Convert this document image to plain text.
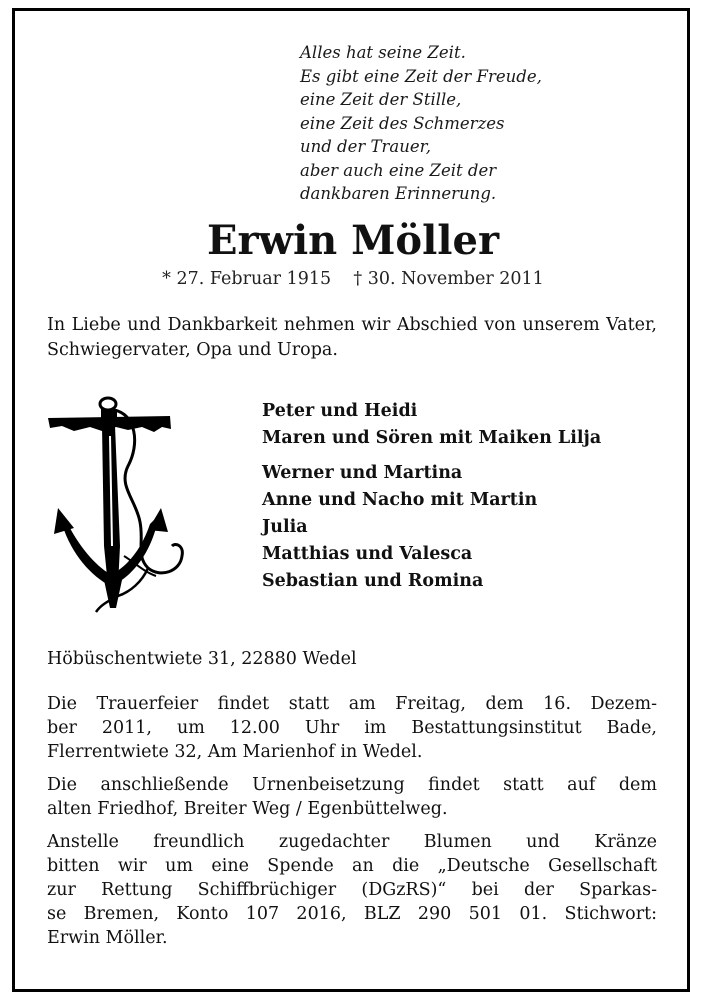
Alles hat seine Zeit.
Es gibt eine Zeit der Freude,
eine Zeit der Stille,
eine Zeit des Schmerzes
und der Trauer,
aber auch eine Zeit der
dankbaren Erinnerung.
Erwin Möller
* 27. Februar 1915 † 30. November 2011
In Liebe und Dankbarkeit nehmen wir Abschied von unserem Vater, Schwiegervater, Opa und Uropa.
Peter und Heidi
Maren und Sören mit Maiken Lilja
Werner und Martina
Anne und Nacho mit Martin
Julia
Matthias und Valesca
Sebastian und Romina
Höbüschentwiete 31, 22880 Wedel
Die Trauerfeier findet statt am Freitag, dem 16. Dezem-
ber 2011, um 12.00 Uhr im Bestattungsinstitut Bade,
Flerrentwiete 32, Am Marienhof in Wedel.
Die anschließende Urnenbeisetzung findet statt auf dem
alten Friedhof, Breiter Weg / Egenbüttelweg.
Anstelle freundlich zugedachter Blumen und Kränze
bitten wir um eine Spende an die „Deutsche Gesellschaft
zur Rettung Schiffbrüchiger (DGzRS)“ bei der Sparkas-
se Bremen, Konto 107 2016, BLZ 290 501 01. Stichwort:
Erwin Möller.
